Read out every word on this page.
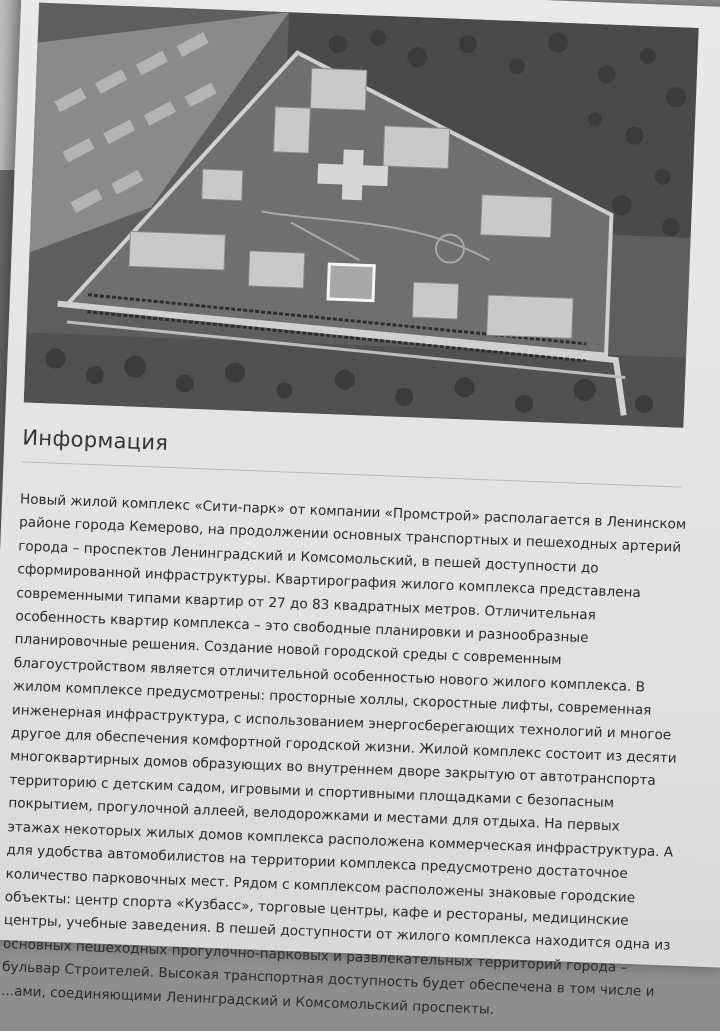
Информация

Новый жилой комплекс «Сити-парк» от компании «Промстрой» располагается в Ленинском районе города Кемерово, на продолжении основных транспортных и пешеходных артерий города – проспектов Ленинградский и Комсомольский, в пешей доступности до сформированной инфраструктуры. Квартирография жилого комплекса представлена современными типами квартир от 27 до 83 квадратных метров. Отличительная особенность квартир комплекса – это свободные планировки и разнообразные планировочные решения. Создание новой городской среды с современным благоустройством является отличительной особенностью нового жилого комплекса. В жилом комплексе предусмотрены: просторные холлы, скоростные лифты, современная инженерная инфраструктура, с использованием энергосберегающих технологий и многое другое для обеспечения комфортной городской жизни. Жилой комплекс состоит из десяти многоквартирных домов образующих во внутреннем дворе закрытую от автотранспорта территорию с детским садом, игровыми и спортивными площадками с безопасным покрытием, прогулочной аллеей, велодорожками и местами для отдыха. На первых этажах некоторых жилых домов комплекса расположена коммерческая инфраструктура. А для удобства автомобилистов на территории комплекса предусмотрено достаточное количество парковочных мест. Рядом с комплексом расположены знаковые городские объекты: центр спорта «Кузбасс», торговые центры, кафе и рестораны, медицинские центры, учебные заведения. В пешей доступности от жилого комплекса находится одна из основных пешеходных прогулочно-парковых и развлекательных территорий города – бульвар Строителей. Высокая транспортная доступность будет обеспечена в том числе и ...ами, соединяющими Ленинградский и Комсомольский проспекты.
